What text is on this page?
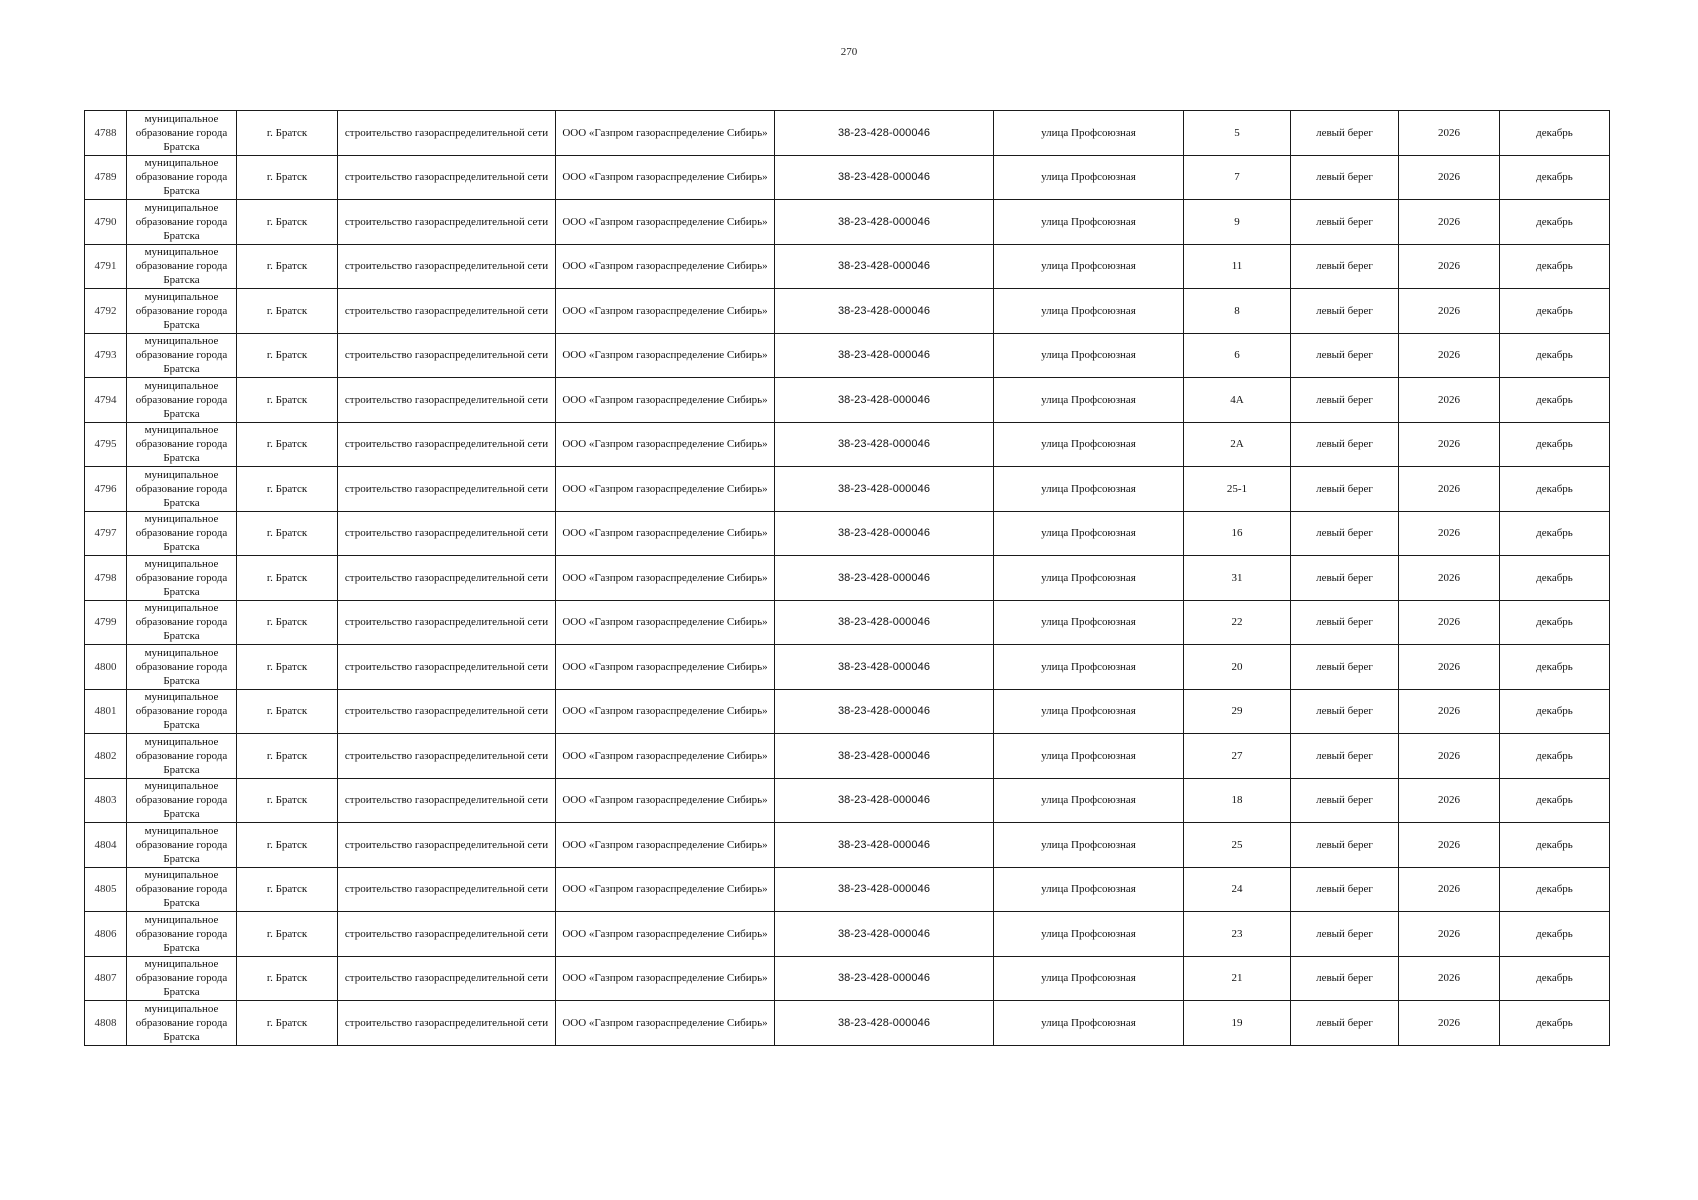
270
4788	муниципальное образование города Братска	г. Братск	строительство газораспределительной сети	ООО «Газпром газораспределение Сибирь»	38-23-428-000046	улица Профсоюзная	5	левый берег	2026	декабрь
4789	муниципальное образование города Братска	г. Братск	строительство газораспределительной сети	ООО «Газпром газораспределение Сибирь»	38-23-428-000046	улица Профсоюзная	7	левый берег	2026	декабрь
4790	муниципальное образование города Братска	г. Братск	строительство газораспределительной сети	ООО «Газпром газораспределение Сибирь»	38-23-428-000046	улица Профсоюзная	9	левый берег	2026	декабрь
4791	муниципальное образование города Братска	г. Братск	строительство газораспределительной сети	ООО «Газпром газораспределение Сибирь»	38-23-428-000046	улица Профсоюзная	11	левый берег	2026	декабрь
4792	муниципальное образование города Братска	г. Братск	строительство газораспределительной сети	ООО «Газпром газораспределение Сибирь»	38-23-428-000046	улица Профсоюзная	8	левый берег	2026	декабрь
4793	муниципальное образование города Братска	г. Братск	строительство газораспределительной сети	ООО «Газпром газораспределение Сибирь»	38-23-428-000046	улица Профсоюзная	6	левый берег	2026	декабрь
4794	муниципальное образование города Братска	г. Братск	строительство газораспределительной сети	ООО «Газпром газораспределение Сибирь»	38-23-428-000046	улица Профсоюзная	4А	левый берег	2026	декабрь
4795	муниципальное образование города Братска	г. Братск	строительство газораспределительной сети	ООО «Газпром газораспределение Сибирь»	38-23-428-000046	улица Профсоюзная	2А	левый берег	2026	декабрь
4796	муниципальное образование города Братска	г. Братск	строительство газораспределительной сети	ООО «Газпром газораспределение Сибирь»	38-23-428-000046	улица Профсоюзная	25-1	левый берег	2026	декабрь
4797	муниципальное образование города Братска	г. Братск	строительство газораспределительной сети	ООО «Газпром газораспределение Сибирь»	38-23-428-000046	улица Профсоюзная	16	левый берег	2026	декабрь
4798	муниципальное образование города Братска	г. Братск	строительство газораспределительной сети	ООО «Газпром газораспределение Сибирь»	38-23-428-000046	улица Профсоюзная	31	левый берег	2026	декабрь
4799	муниципальное образование города Братска	г. Братск	строительство газораспределительной сети	ООО «Газпром газораспределение Сибирь»	38-23-428-000046	улица Профсоюзная	22	левый берег	2026	декабрь
4800	муниципальное образование города Братска	г. Братск	строительство газораспределительной сети	ООО «Газпром газораспределение Сибирь»	38-23-428-000046	улица Профсоюзная	20	левый берег	2026	декабрь
4801	муниципальное образование города Братска	г. Братск	строительство газораспределительной сети	ООО «Газпром газораспределение Сибирь»	38-23-428-000046	улица Профсоюзная	29	левый берег	2026	декабрь
4802	муниципальное образование города Братска	г. Братск	строительство газораспределительной сети	ООО «Газпром газораспределение Сибирь»	38-23-428-000046	улица Профсоюзная	27	левый берег	2026	декабрь
4803	муниципальное образование города Братска	г. Братск	строительство газораспределительной сети	ООО «Газпром газораспределение Сибирь»	38-23-428-000046	улица Профсоюзная	18	левый берег	2026	декабрь
4804	муниципальное образование города Братска	г. Братск	строительство газораспределительной сети	ООО «Газпром газораспределение Сибирь»	38-23-428-000046	улица Профсоюзная	25	левый берег	2026	декабрь
4805	муниципальное образование города Братска	г. Братск	строительство газораспределительной сети	ООО «Газпром газораспределение Сибирь»	38-23-428-000046	улица Профсоюзная	24	левый берег	2026	декабрь
4806	муниципальное образование города Братска	г. Братск	строительство газораспределительной сети	ООО «Газпром газораспределение Сибирь»	38-23-428-000046	улица Профсоюзная	23	левый берег	2026	декабрь
4807	муниципальное образование города Братска	г. Братск	строительство газораспределительной сети	ООО «Газпром газораспределение Сибирь»	38-23-428-000046	улица Профсоюзная	21	левый берег	2026	декабрь
4808	муниципальное образование города Братска	г. Братск	строительство газораспределительной сети	ООО «Газпром газораспределение Сибирь»	38-23-428-000046	улица Профсоюзная	19	левый берег	2026	декабрь
